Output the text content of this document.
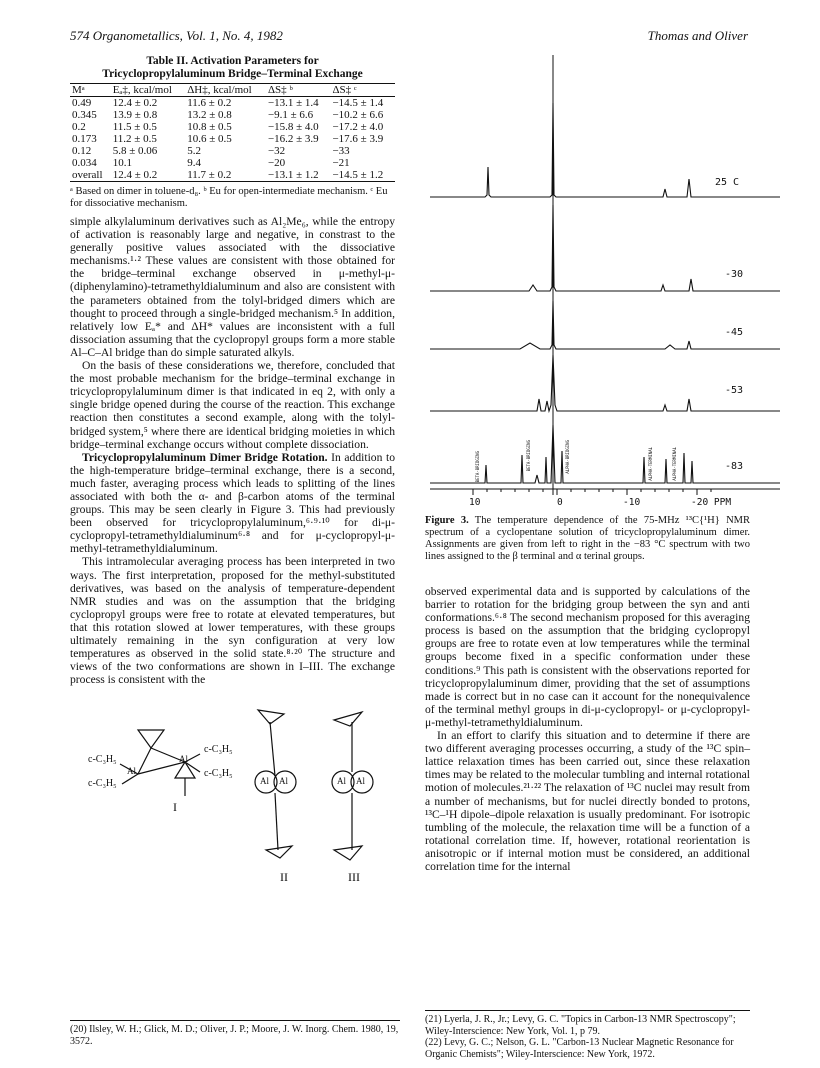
574 Organometallics, Vol. 1, No. 4, 1982	Thomas and Oliver
Table II. Activation Parameters for
Tricyclopropylaluminum Bridge–Terminal Exchange
Mᵃ	Eₐ‡, kcal/mol	ΔH‡, kcal/mol	ΔS‡ ᵇ	ΔS‡ ᶜ
0.49	12.4 ± 0.2	11.6 ± 0.2	−13.1 ± 1.4	−14.5 ± 1.4
0.345	13.9 ± 0.8	13.2 ± 0.8	−9.1 ± 6.6	−10.2 ± 6.6
0.2	11.5 ± 0.5	10.8 ± 0.5	−15.8 ± 4.0	−17.2 ± 4.0
0.173	11.2 ± 0.5	10.6 ± 0.5	−16.2 ± 3.9	−17.6 ± 3.9
0.12	5.8 ± 0.06	5.2	−32	−33
0.034	10.1	9.4	−20	−21
overall	12.4 ± 0.2	11.7 ± 0.2	−13.1 ± 1.2	−14.5 ± 1.2
ᵃ Based on dimer in toluene-d₈. ᵇ Eu for open-intermediate mechanism. ᶜ Eu for dissociative mechanism.

simple alkylaluminum derivatives such as Al₂Me₆, while the entropy of activation is reasonably large and negative, in constrast to the generally positive values associated with the dissociative mechanisms.¹·² These values are consistent with those obtained for the bridge–terminal exchange observed in μ-methyl-μ-(diphenylamino)-tetramethyldialuminum and also are consistent with the parameters obtained from the tolyl-bridged dimers which are thought to proceed through a single-bridged mechanism.⁵ In addition, relatively low Eₐ* and ΔH* values are inconsistent with a full dissociation assuming that the cyclopropyl groups form a more stable Al–C–Al bridge than do simple saturated alkyls.

On the basis of these considerations we, therefore, concluded that the most probable mechanism for the bridge–terminal exchange in tricyclopropylaluminum dimer is that indicated in eq 2, with only a single bridge opened during the course of the reaction. This exchange reaction then constitutes a second example, along with the tolyl-bridged system,⁵ where there are identical bridging moieties in which bridge–terminal exchange occurs without complete dissociation.

Tricyclopropylaluminum Dimer Bridge Rotation. In addition to the high-temperature bridge–terminal exchange, there is a second, much faster, averaging process which leads to splitting of the lines associated with both the α- and β-carbon atoms of the terminal groups. This may be seen clearly in Figure 3. This had previously been observed for tricyclopropylaluminum,⁶·⁹·¹⁰ for di-μ-cyclopropyl-tetramethyldialuminum⁶·⁸ and for μ-cyclopropyl-μ-methyl-tetramethyldialuminum.

This intramolecular averaging process has been interpreted in two ways. The first interpretation, proposed for the methyl-substituted derivatives, was based on the analysis of temperature-dependent NMR studies and was on the assumption that the bridging cyclopropyl groups were free to rotate at elevated temperatures, but that this rotation slowed at lower temperatures, with these groups ultimately remaining in the syn configuration at very low temperatures as observed in the solid state.⁸·²⁰ The structure and views of the two conformations are shown in I–III. The exchange process is consistent with the

c-C₃H₅
c-C₃H₅
c-C₃H₅
c-C₃H₅
Al
Al
Al Al	Al Al
I
II	III
(20) Ilsley, W. H.; Glick, M. D.; Oliver, J. P.; Moore, J. W. Inorg. Chem. 1980, 19, 3572.
25 C
-30
-45
-53
-83
10	0	-10	-20 PPM
BETA-BRIDGING	BETA-BRIDGING	ALPHA-BRIDGING	ALPHA-TERMINAL	ALPHA-TERMINAL
Figure 3. The temperature dependence of the 75-MHz ¹³C{¹H} NMR spectrum of a cyclopentane solution of tricyclopropylaluminum dimer. Assignments are given from left to right in the −83 °C spectrum with two lines assigned to the β terminal and α terinal groups.

observed experimental data and is supported by calculations of the barrier to rotation for the bridging group between the syn and anti conformations.⁶·⁸ The second mechanism proposed for this averaging process is based on the assumption that the bridging cyclopropyl groups are free to rotate even at low temperatures while the terminal groups become fixed in a specific conformation under these conditions.⁹ This path is consistent with the observations reported for tricyclopropylaluminum dimer, providing that the set of assumptions made is correct but in no case can it account for the nonequivalence of the terminal methyl groups in di-μ-cyclopropyl- or μ-cyclopropyl-μ-methyl-tetramethyldialuminum.

In an effort to clarify this situation and to determine if there are two different averaging processes occurring, a study of the ¹³C spin–lattice relaxation times has been carried out, since these relaxation times may be related to the molecular tumbling and internal rotational motion of molecules.²¹·²² The relaxation of ¹³C nuclei may result from a number of mechanisms, but for nuclei directly bonded to protons, ¹³C–¹H dipole–dipole relaxation is usually predominant. For isotropic tumbling of the molecule, the relaxation time will be a function of a rotational correlation time. If, however, rotational reorientation is anisotropic or if internal motion must be considered, an additional correlation time for the internal

(21) Lyerla, J. R., Jr.; Levy, G. C. "Topics in Carbon-13 NMR Spectroscopy"; Wiley-Interscience: New York, Vol. 1, p 79.
(22) Levy, G. C.; Nelson, G. L. "Carbon-13 Nuclear Magnetic Resonance for Organic Chemists"; Wiley-Interscience: New York, 1972.
